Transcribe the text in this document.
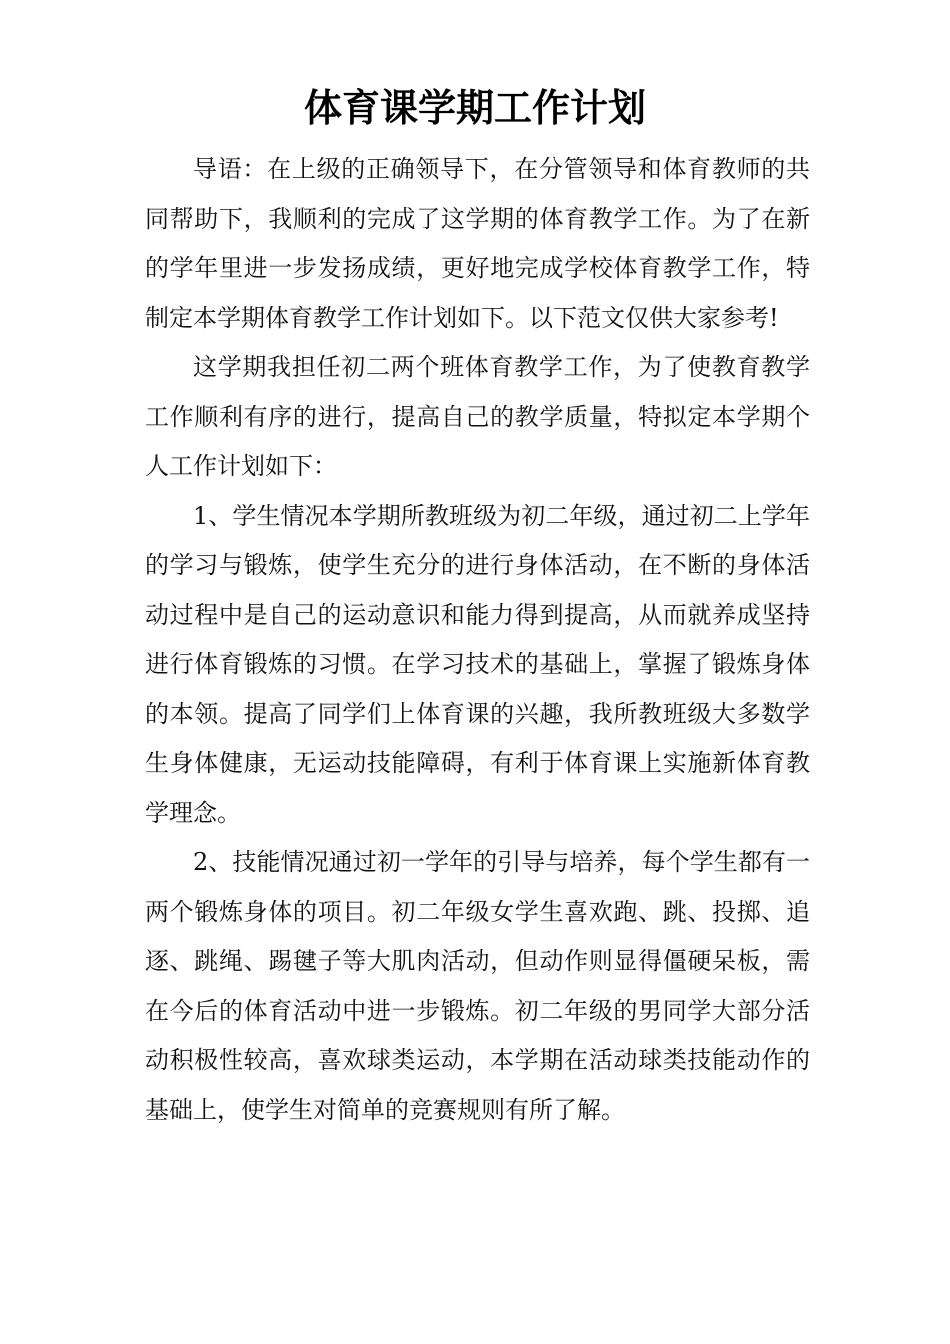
体育课学期工作计划

导语：在上级的正确领导下，在分管领导和体育教师的共同帮助下，我顺利的完成了这学期的体育教学工作。为了在新的学年里进一步发扬成绩，更好地完成学校体育教学工作，特制定本学期体育教学工作计划如下。以下范文仅供大家参考!

这学期我担任初二两个班体育教学工作，为了使教育教学工作顺利有序的进行，提高自己的教学质量，特拟定本学期个人工作计划如下：

1、学生情况本学期所教班级为初二年级，通过初二上学年的学习与锻炼，使学生充分的进行身体活动，在不断的身体活动过程中是自己的运动意识和能力得到提高，从而就养成坚持进行体育锻炼的习惯。在学习技术的基础上，掌握了锻炼身体的本领。提高了同学们上体育课的兴趣，我所教班级大多数学生身体健康，无运动技能障碍，有利于体育课上实施新体育教学理念。

2、技能情况通过初一学年的引导与培养，每个学生都有一两个锻炼身体的项目。初二年级女学生喜欢跑、跳、投掷、追逐、跳绳、踢毽子等大肌肉活动，但动作则显得僵硬呆板，需在今后的体育活动中进一步锻炼。初二年级的男同学大部分活动积极性较高，喜欢球类运动，本学期在活动球类技能动作的基础上，使学生对简单的竞赛规则有所了解。
